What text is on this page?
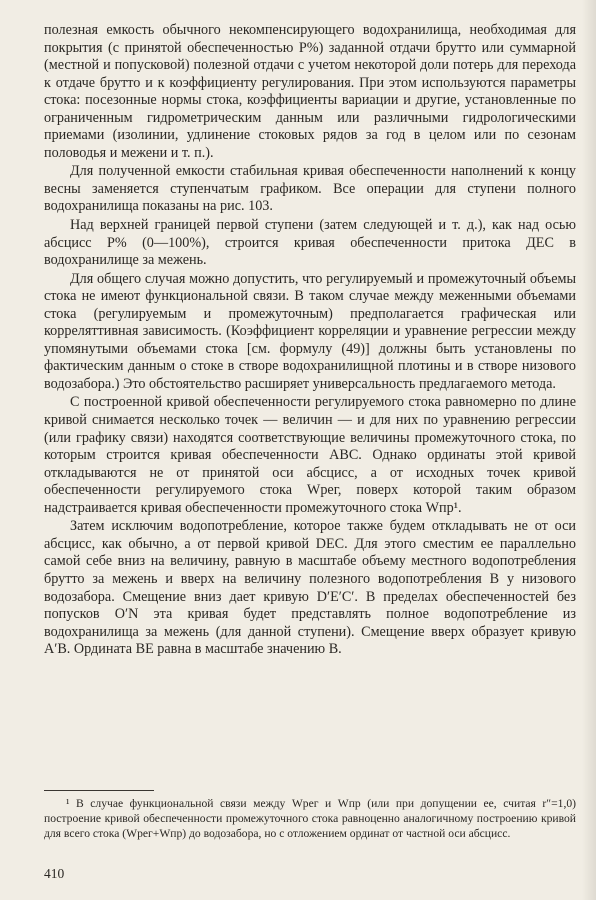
полезная емкость обычного некомпенсирующего водохранилища, необходимая для покрытия (с принятой обеспеченностью P%) заданной отдачи брутто или суммарной (местной и попусковой) полезной отдачи с учетом некоторой доли потерь для перехода к отдаче брутто и к коэффициенту регулирования. При этом используются параметры стока: посезонные нормы стока, коэффициенты вариации и другие, установленные по ограниченным гидрометрическим данным или различными гидрологическими приемами (изолинии, удлинение стоковых рядов за год в целом или по сезонам половодья и межени и т. п.).

Для полученной емкости стабильная кривая обеспеченности наполнений к концу весны заменяется ступенчатым графиком. Все операции для ступени полного водохранилища показаны на рис. 103.

Над верхней границей первой ступени (затем следующей и т. д.), как над осью абсцисс P% (0—100%), строится кривая обеспеченности притока ДЕС в водохранилище за межень.

Для общего случая можно допустить, что регулируемый и промежуточный объемы стока не имеют функциональной связи. В таком случае между меженными объемами стока (регулируемым и промежуточным) предполагается графическая или корреляттивная зависимость. (Коэффициент корреляции и уравнение регрессии между упомянутыми объемами стока [см. формулу (49)] должны быть установлены по фактическим данным о стоке в створе водохранилищной плотины и в створе низового водозабора.) Это обстоятельство расширяет универсальность предлагаемого метода.

С построенной кривой обеспеченности регулируемого стока равномерно по длине кривой снимается несколько точек — величин — и для них по уравнению регрессии (или графику связи) находятся соответствующие величины промежуточного стока, по которым строится кривая обеспеченности ABC. Однако ординаты этой кривой откладываются не от принятой оси абсцисс, а от исходных точек кривой обеспеченности регулируемого стока Wрег, поверх которой таким образом надстраивается кривая обеспеченности промежуточного стока Wпр¹.

Затем исключим водопотребление, которое также будем откладывать не от оси абсцисс, как обычно, а от первой кривой DEC. Для этого сместим ее параллельно самой себе вниз на величину, равную в масштабе объему местного водопотребления брутто за межень и вверх на величину полезного водопотребления B у низового водозабора. Смещение вниз дает кривую D′E′C′. В пределах обеспеченностей без попусков O′N эта кривая будет представлять полное водопотребление из водохранилища за межень (для данной ступени). Смещение вверх образует кривую A′B. Ордината BE равна в масштабе значению B.

¹ В случае функциональной связи между Wрег и Wпр (или при допущении ее, считая r″=1,0) построение кривой обеспеченности промежуточного стока равноценно аналогичному построению кривой для всего стока (Wрег+Wпр) до водозабора, но с отложением ординат от частной оси абсцисс.

410
